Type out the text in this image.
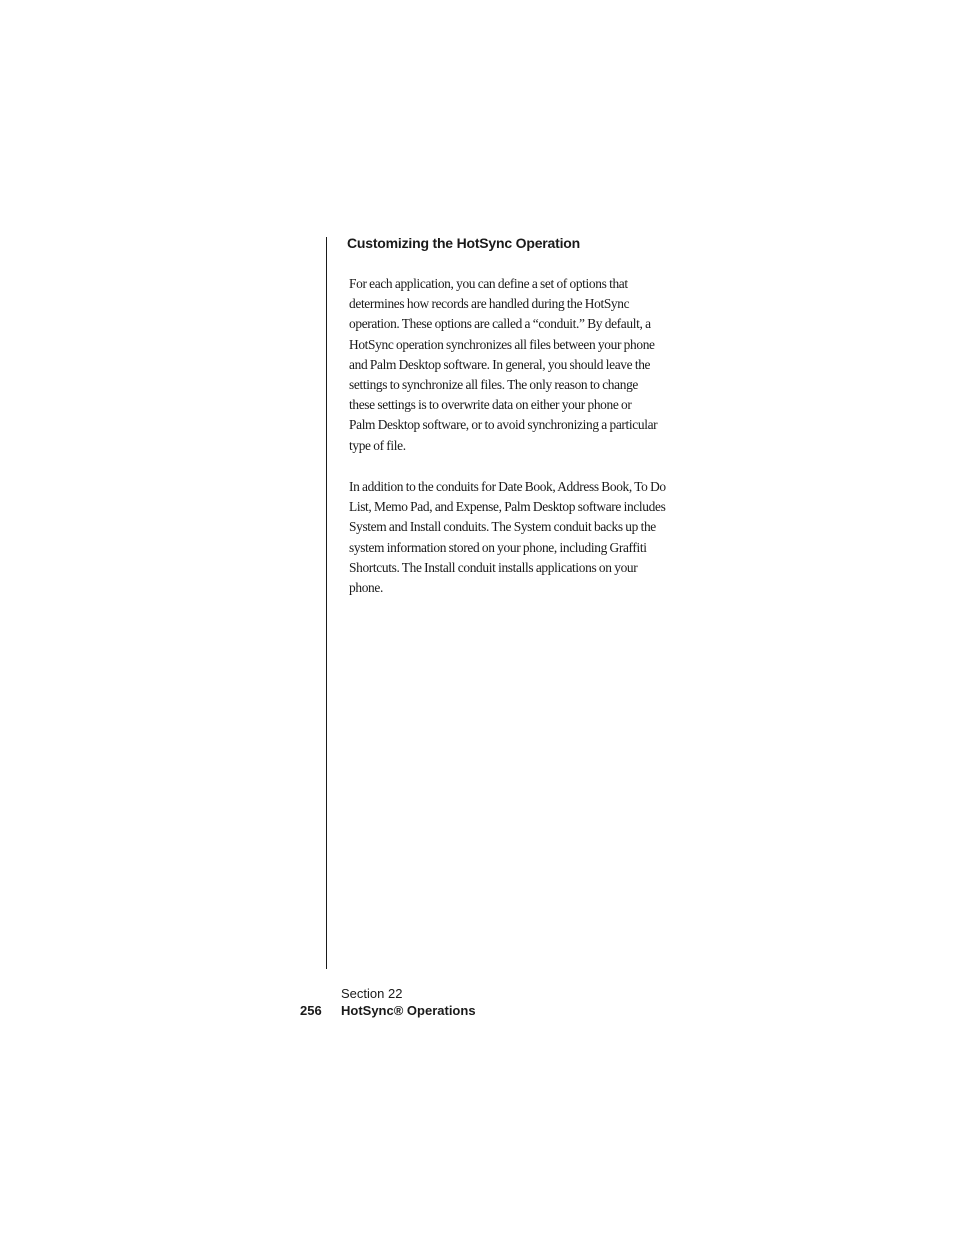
Customizing the HotSync Operation

For each application, you can define a set of options that
determines how records are handled during the HotSync
operation. These options are called a “conduit.” By default, a
HotSync operation synchronizes all files between your phone
and Palm Desktop software. In general, you should leave the
settings to synchronize all files. The only reason to change
these settings is to overwrite data on either your phone or
Palm Desktop software, or to avoid synchronizing a particular
type of file.

In addition to the conduits for Date Book, Address Book, To Do
List, Memo Pad, and Expense, Palm Desktop software includes
System and Install conduits. The System conduit backs up the
system information stored on your phone, including Graffiti
Shortcuts. The Install conduit installs applications on your
phone.

Section 22
256 HotSync® Operations
